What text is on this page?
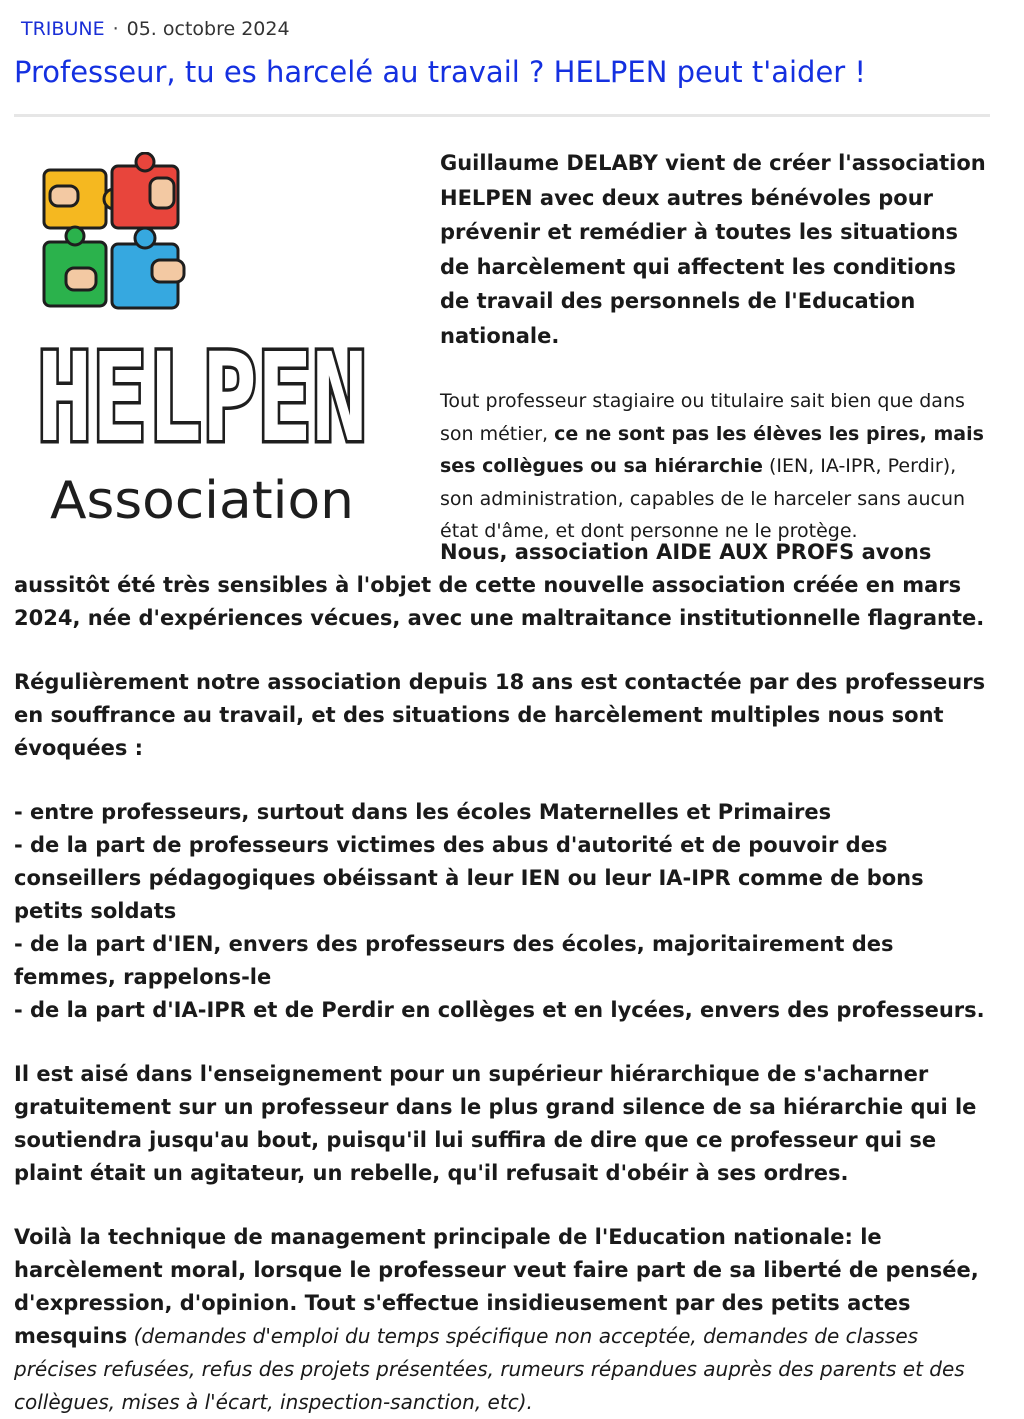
TRIBUNE · 05. octobre 2024
Professeur, tu es harcelé au travail ? HELPEN peut t'aider !
HELPEN
Association

Guillaume DELABY vient de créer l'association HELPEN avec deux autres bénévoles pour prévenir et remédier à toutes les situations de harcèlement qui affectent les conditions de travail des personnels de l'Education nationale.

Tout professeur stagiaire ou titulaire sait bien que dans son métier, ce ne sont pas les élèves les pires, mais ses collègues ou sa hiérarchie (IEN, IA-IPR, Perdir), son administration, capables de le harceler sans aucun état d'âme, et dont personne ne le protège.

Nous, association AIDE AUX PROFS avons aussitôt été très sensibles à l'objet de cette nouvelle association créée en mars 2024, née d'expériences vécues, avec une maltraitance institutionnelle flagrante.

Régulièrement notre association depuis 18 ans est contactée par des professeurs en souffrance au travail, et des situations de harcèlement multiples nous sont évoquées :

- entre professeurs, surtout dans les écoles Maternelles et Primaires

- de la part de professeurs victimes des abus d'autorité et de pouvoir des conseillers pédagogiques obéissant à leur IEN ou leur IA-IPR comme de bons petits soldats

- de la part d'IEN, envers des professeurs des écoles, majoritairement des femmes, rappelons-le

- de la part d'IA-IPR et de Perdir en collèges et en lycées, envers des professeurs.

Il est aisé dans l'enseignement pour un supérieur hiérarchique de s'acharner gratuitement sur un professeur dans le plus grand silence de sa hiérarchie qui le soutiendra jusqu'au bout, puisqu'il lui suffira de dire que ce professeur qui se plaint était un agitateur, un rebelle, qu'il refusait d'obéir à ses ordres.

Voilà la technique de management principale de l'Education nationale: le harcèlement moral, lorsque le professeur veut faire part de sa liberté de pensée, d'expression, d'opinion. Tout s'effectue insidieusement par des petits actes mesquins (demandes d'emploi du temps spécifique non acceptée, demandes de classes précises refusées, refus des projets présentées, rumeurs répandues auprès des parents et des collègues, mises à l'écart, inspection-sanction, etc).
